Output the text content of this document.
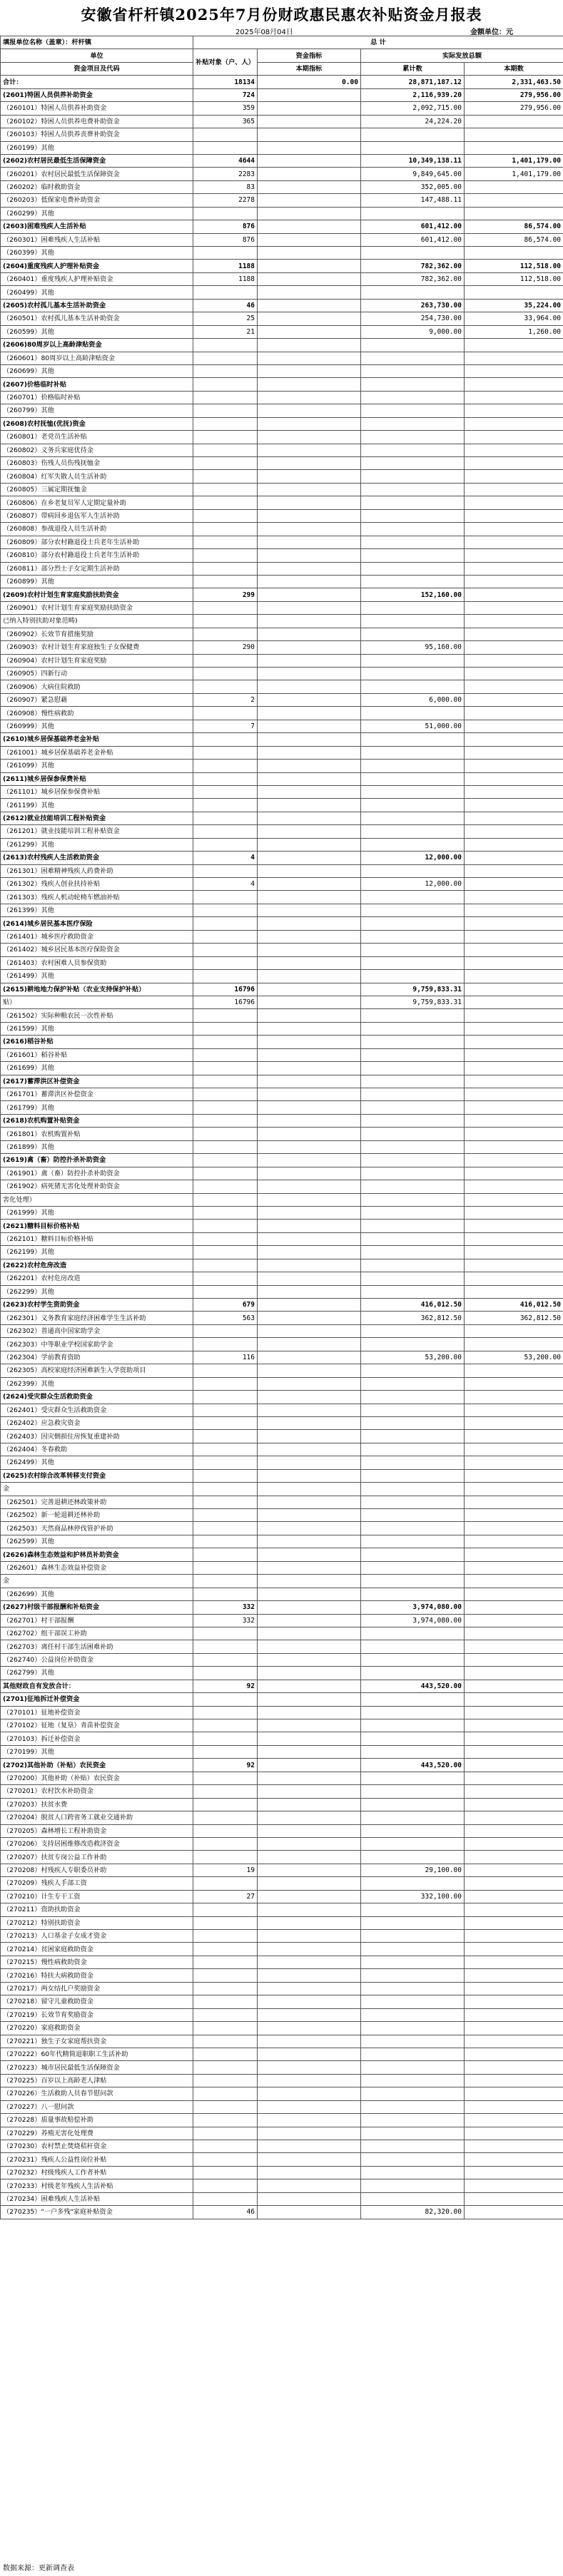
安徽省杆杆镇2025年7月份财政惠民惠农补贴资金月报表
2025年08月04日	金额单位：元
填报单位名称（盖章）：杆杆镇	总 计			
单位	补贴对象（户、人）	资金指标	实际发放总额	
资金项目及代码		本期指标	累计数	本期数
合计：	18134	0.00	28,871,187.12	2,331,463.50
(2601)特困人员供养补助资金	724		2,116,939.20	279,956.00
（260101）特困人员供养补助资金	359		2,092,715.00	279,956.00
（260102）特困人员供养电费补助资金	365		24,224.20	
（260103）特困人员供养丧葬补助资金				
（260199）其他				
(2602)农村居民最低生活保障资金	4644		10,349,138.11	1,401,179.00
（260201）农村居民最低生活保障资金	2283		9,849,645.00	1,401,179.00
（260202）临时救助资金	83		352,005.00	
（260203）低保家电费补助资金	2278		147,488.11	
（260299）其他				
(2603)困难残疾人生活补贴	876		601,412.00	86,574.00
（260301）困难残疾人生活补贴	876		601,412.00	86,574.00
（260399）其他				
(2604)重度残疾人护理补贴资金	1188		782,362.00	112,518.00
（260401）重度残疾人护理补贴资金	1188		782,362.00	112,518.00
（260499）其他				
(2605)农村孤儿基本生活补助资金	46		263,730.00	35,224.00
（260501）农村孤儿基本生活补助资金	25		254,730.00	33,964.00
（260599）其他	21		9,000.00	1,260.00
(2606)80周岁以上高龄津贴资金				
（260601）80周岁以上高龄津贴资金				
（260699）其他				
(2607)价格临时补贴				
（260701）价格临时补贴				
（260799）其他				
(2608)农村抚恤(优抚)资金				
（260801）老党员生活补贴				
（260802）义务兵家庭优待金				
（260803）伤残人员伤残抚恤金				
（260804）红军失散人员生活补助				
（260805）三属定期抚恤金				
（260806）在乡老复员军人定期定量补助				
（260807）带病回乡退伍军人生活补助				
（260808）参战退役人员生活补助				
（260809）部分农村籍退役士兵老年生活补助				
（260810）部分农村籍退役士兵老年生活补助				
（260811）部分烈士子女定期生活补助				
（260899）其他				
(2609)农村计划生育家庭奖励扶助资金	299		152,160.00	
（260901）农村计划生育家庭奖励扶助资金				
已纳入特别扶助对象范畴)				
（260902）长效节育措施奖励				
（260903）农村计划生育家庭独生子女保健费	290		95,160.00	
（260904）农村计划生育家庭奖励				
（260905）四新行动				
（260906）大病住院救助				
（260907）紧急慰藉	2		6,000.00	
（260908）慢性病救助				
（260999）其他	7		51,000.00	
(2610)城乡居保基础养老金补贴				
（261001）城乡居保基础养老金补贴				
（261099）其他				
(2611)城乡居保参保费补贴				
（261101）城乡居保参保费补贴				
（261199）其他				
(2612)就业技能培训工程补贴资金				
（261201）就业技能培训工程补贴资金				
（261299）其他				
(2613)农村残疾人生活救助资金	4		12,000.00	
（261301）困难精神残疾人药费补助				
（261302）残疾人创业扶持补贴	4		12,000.00	
（261303）残疾人机动轮椅车燃油补贴				
（261399）其他				
(2614)城乡居民基本医疗保险				
（261401）城乡医疗救助资金				
（261402）城乡居民基本医疗保险资金				
（261403）农村困难人员参保资助				
（261499）其他				
(2615)耕地地力保护补贴（农业支持保护补贴）	16796		9,759,833.31	
贴）	16796		9,759,833.31	
（261502）实际种粮农民一次性补贴				
（261599）其他				
(2616)稻谷补贴				
（261601）稻谷补贴				
（261699）其他				
(2617)蓄滞洪区补偿资金				
（261701）蓄滞洪区补偿资金				
（261799）其他				
(2618)农机购置补贴资金				
（261801）农机购置补贴				
（261899）其他				
(2619)禽（畜）防控扑杀补助资金				
（261901）禽（畜）防控扑杀补助资金				
（261902）病死猪无害化处理补助资金				
害化处理）				
（261999）其他				
(2621)糖料目标价格补贴				
（262101）糖料目标价格补贴				
（262199）其他				
(2622)农村危房改造				
（262201）农村危房改造				
（262299）其他				
(2623)农村学生资助资金	679		416,012.50	416,012.50
（262301）义务教育家庭经济困难学生生活补助	563		362,812.50	362,812.50
（262302）普通高中国家助学金				
（262303）中等职业学校国家助学金				
（262304）学前教育资助	116		53,200.00	53,200.00
（262305）高校家庭经济困难新生入学资助项目				
（262399）其他				
(2624)受灾群众生活救助资金				
（262401）受灾群众生活救助资金				
（262402）应急救灾资金				
（262403）因灾倒损住房恢复重建补助				
（262404）冬春救助				
（262499）其他				
(2625)农村综合改革转移支付资金				
金				
（262501）完善退耕还林政策补助				
（262502）新一轮退耕还林补助				
（262503）天然商品林停伐管护补助				
（262599）其他				
(2626)森林生态效益和护林员补助资金				
（262601）森林生态效益补偿资金				
金				
（262699）其他				
(2627)村级干部报酬和补贴资金	332		3,974,080.00	
（262701）村干部报酬	332		3,974,080.00	
（262702）组干部误工补助				
（262703）离任村干部生活困难补助				
（262740）公益岗位补助资金				
（262799）其他				
其他财政自有发放合计：	92		443,520.00	
(2701)征地拆迁补偿资金				
（270101）征地补偿资金				
（270102）征地（复垦）青苗补偿资金				
（270103）拆迁补偿资金				
（270199）其他				
(2702)其他补助（补贴）农民资金	92		443,520.00	
（270200）其他补助（补贴）农民资金				
（270201）农村饮水补助资金				
（270203）扶贫水费				
（270204）脱贫人口跨省务工就业交通补助				
（270205）森林增长工程补助资金				
（270206）支持居困维修改造救济资金				
（270207）扶贫专岗公益工作补助				
（270208）村残疾人专职委员补助	19		29,100.00	
（270209）残疾人手部工资				
（270210）计生专干工资	27		332,100.00	
（270211）资助扶助资金				
（270212）特别扶助资金				
（270213）人口基金子女成才资金				
（270214）贫困家庭救助资金				
（270215）慢性病救助资金				
（270216）特扶大病救助资金				
（270217）两女结扎户奖励资金				
（270218）留守儿童救助资金				
（270219）长效节育奖励资金				
（270220）家庭救助资金				
（270221）独生子女家庭帮扶资金				
（270222）60年代精简退职职工生活补助				
（270223）城市居民最低生活保障资金				
（270225）百岁以上高龄老人津贴				
（270226）生活救助人员春节慰问款				
（270227）八一慰问款				
（270228）质量事故赔偿补助				
（270229）养殖无害化处理费				
（270230）农村禁止焚烧秸秆资金				
（270231）残疾人公益性岗位补贴				
（270232）村级残疾人工作者补贴				
（270233）村级老年残疾人生活补贴				
（270234）困难残疾人生活补贴				
（270235）"一户多残"家庭补贴资金	46		82,320.00	
数据来源：更新调查表
